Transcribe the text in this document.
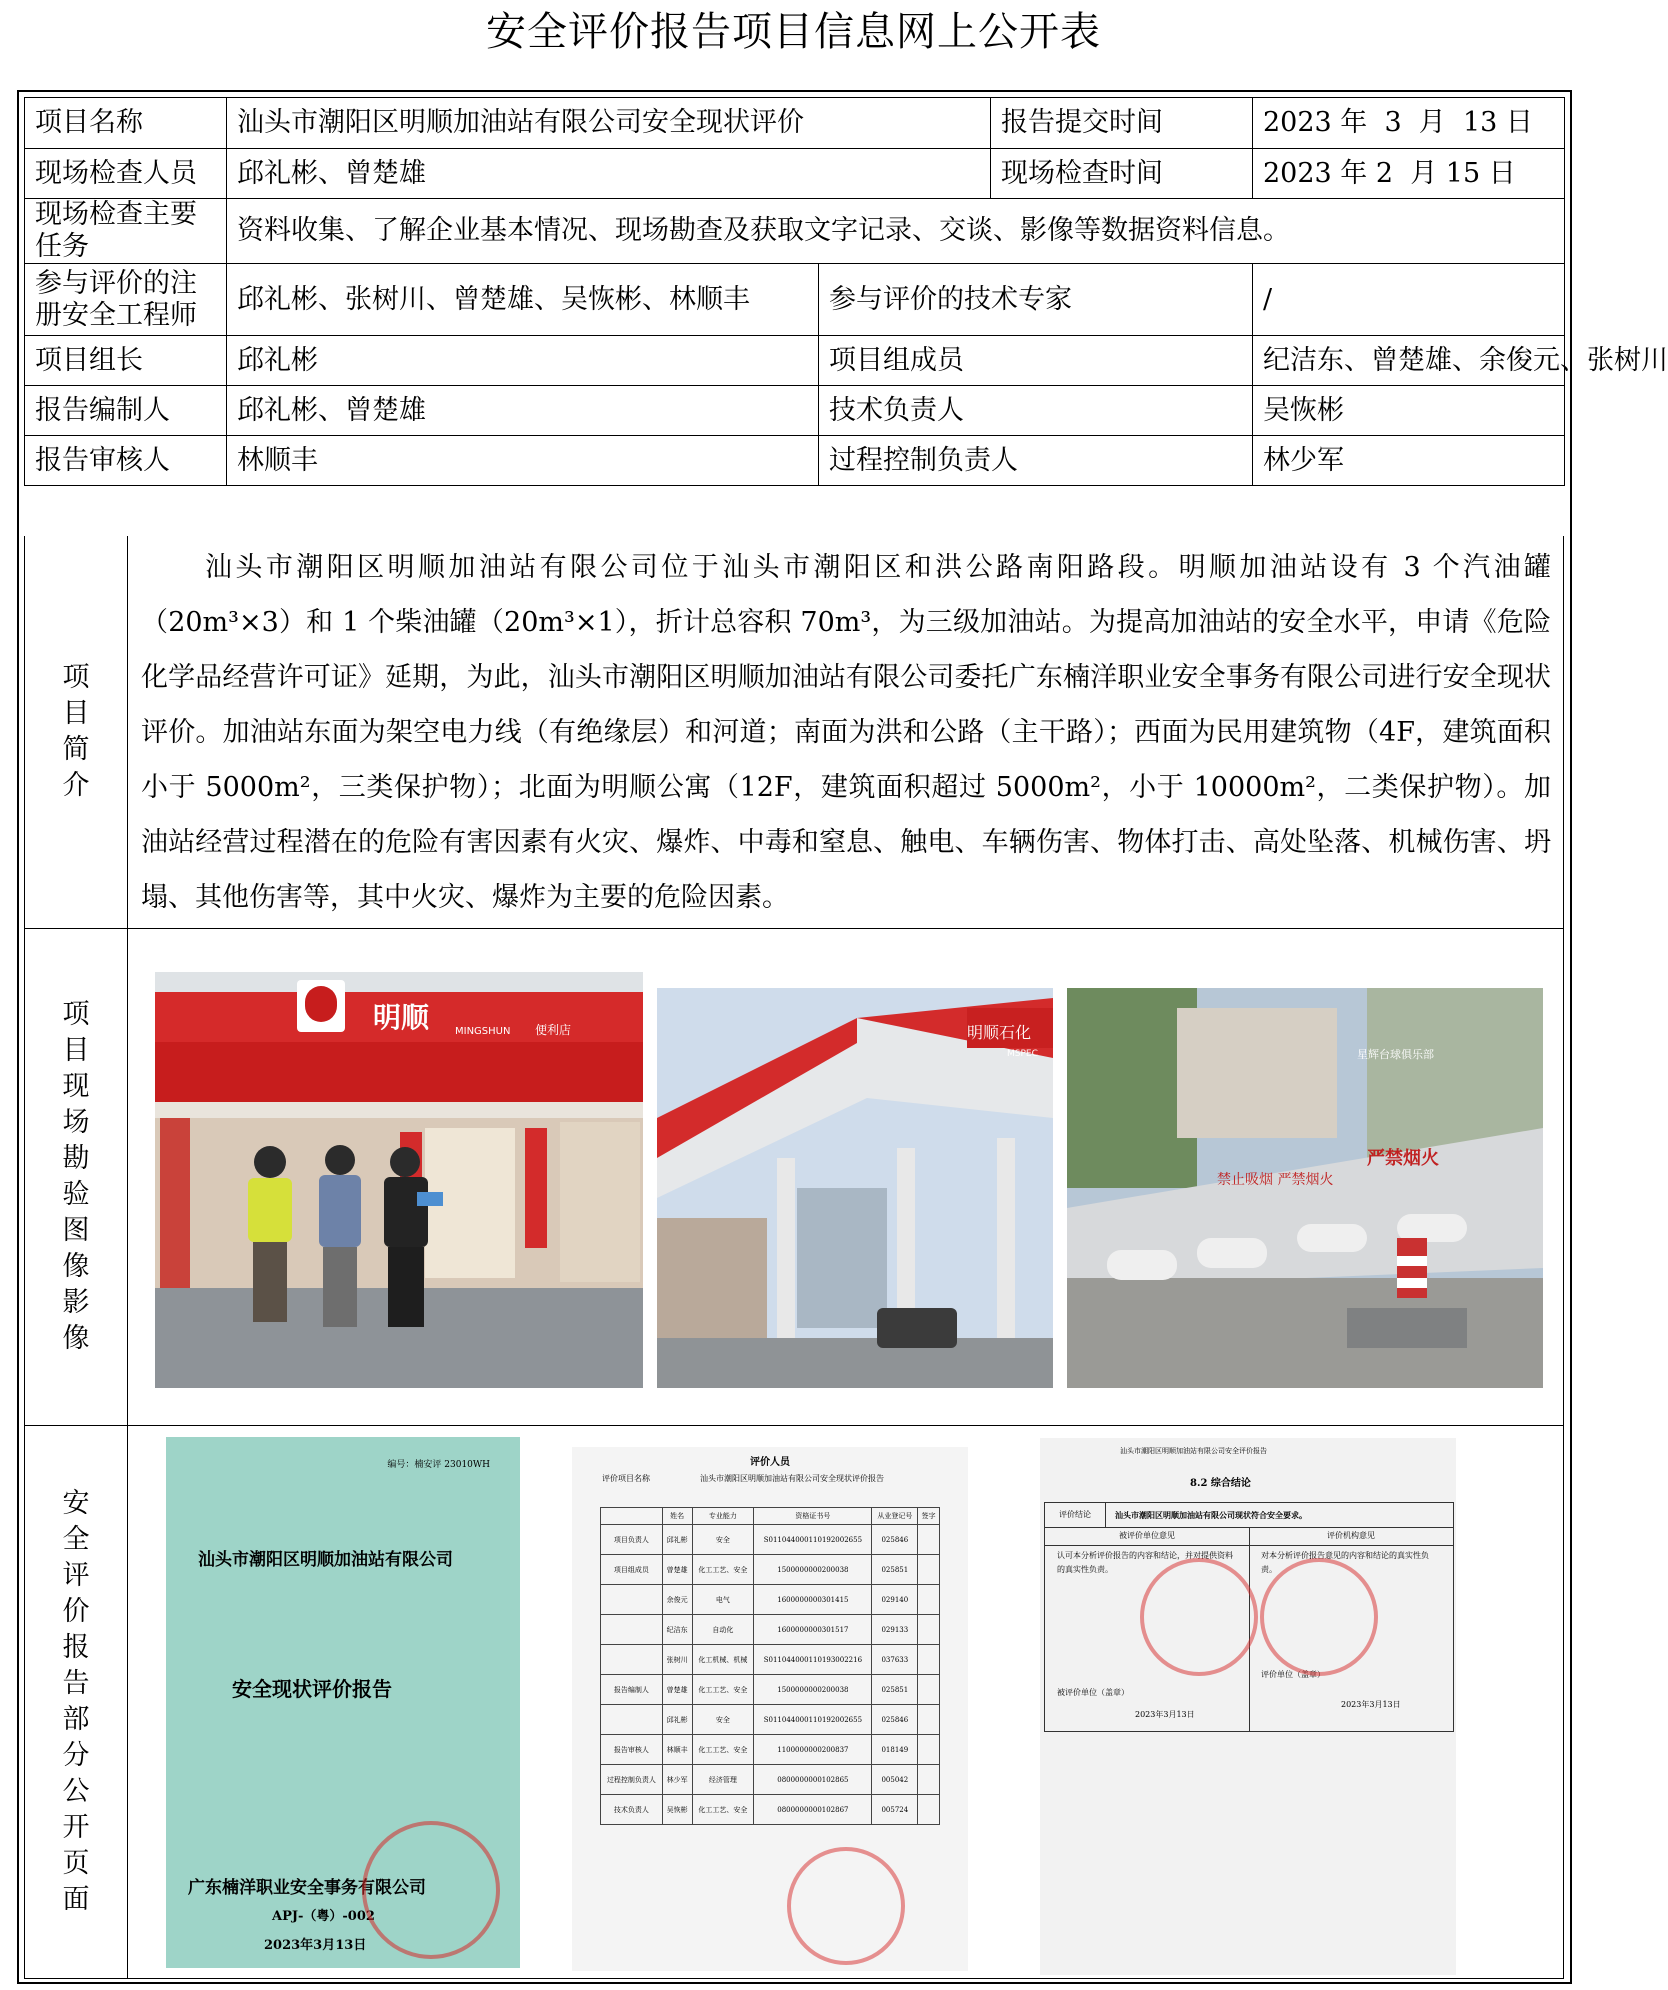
安全评价报告项目信息网上公开表
项目名称	汕头市潮阳区明顺加油站有限公司安全现状评价		报告提交时间	2023 年  3  月  13 日
现场检查人员	邱礼彬、曾楚雄		现场检查时间	2023 年 2  月 15 日
现场检查主要任务	资料收集、了解企业基本情况、现场勘查及获取文字记录、交谈、影像等数据资料信息。			
参与评价的注册安全工程师	邱礼彬、张树川、曾楚雄、吴恢彬、林顺丰	参与评价的技术专家		/
项目组长	邱礼彬	项目组成员		纪洁东、曾楚雄、余俊元、张树川
报告编制人	邱礼彬、曾楚雄	技术负责人		吴恢彬
报告审核人	林顺丰	过程控制负责人		林少军
项目简介
汕头市潮阳区明顺加油站有限公司位于汕头市潮阳区和洪公路南阳路段。明顺加油站设有 3 个汽油罐（20m³×3）和 1 个柴油罐（20m³×1），折计总容积 70m³，为三级加油站。为提高加油站的安全水平，申请《危险化学品经营许可证》延期，为此，汕头市潮阳区明顺加油站有限公司委托广东楠洋职业安全事务有限公司进行安全现状评价。加油站东面为架空电力线（有绝缘层）和河道；南面为洪和公路（主干路）；西面为民用建筑物（4F，建筑面积小于 5000m²，三类保护物）；北面为明顺公寓（12F，建筑面积超过 5000m²，小于 10000m²，二类保护物）。加油站经营过程潜在的危险有害因素有火灾、爆炸、中毒和窒息、触电、车辆伤害、物体打击、高处坠落、机械伤害、坍塌、其他伤害等，其中火灾、爆炸为主要的危险因素。
项目现场勘验图像影像
明顺	MINGSHUN 便利店	明顺石化
MSPEC
严禁烟火
禁止吸烟 严禁烟火
星辉台球俱乐部
安全评价报告部分公开页面
编号：楠安评 23010WH
汕头市潮阳区明顺加油站有限公司
安全现状评价报告
广东楠洋职业安全事务有限公司
APJ-（粤）-002
2023年3月13日
评价人员
评价项目名称	汕头市潮阳区明顺加油站有限公司安全现状评价报告
	姓名	专业能力	资格证书号	从业登记号	签字
项目负责人	邱礼彬	安全	S011044000110192002655	025846	
项目组成员	曾楚雄	化工工艺、安全	1500000000200038	025851	
	余俊元	电气	1600000000301415	029140	
	纪洁东	自动化	1600000000301517	029133	
	张树川	化工机械、机械	S011044000110193002216	037633	
报告编制人	曾楚雄	化工工艺、安全	1500000000200038	025851	
	邱礼彬	安全	S011044000110192002655	025846	
报告审核人	林顺丰	化工工艺、安全	1100000000200837	018149	
过程控制负责人	林少军	经济管理	0800000000102865	005042	
技术负责人	吴恢彬	化工工艺、安全	0800000000102867	005724	
汕头市潮阳区明顺加油站有限公司安全评价报告
8.2 综合结论
评价结论	汕头市潮阳区明顺加油站有限公司现状符合安全要求。
被评价单位意见	评价机构意见
认可本分析评价报告的内容和结论，并对提供资料的真实性负责。
对本分析评价报告意见的内容和结论的真实性负责。
被评价单位（盖章）
评价单位（盖章）
2023年3月13日
2023年3月13日
